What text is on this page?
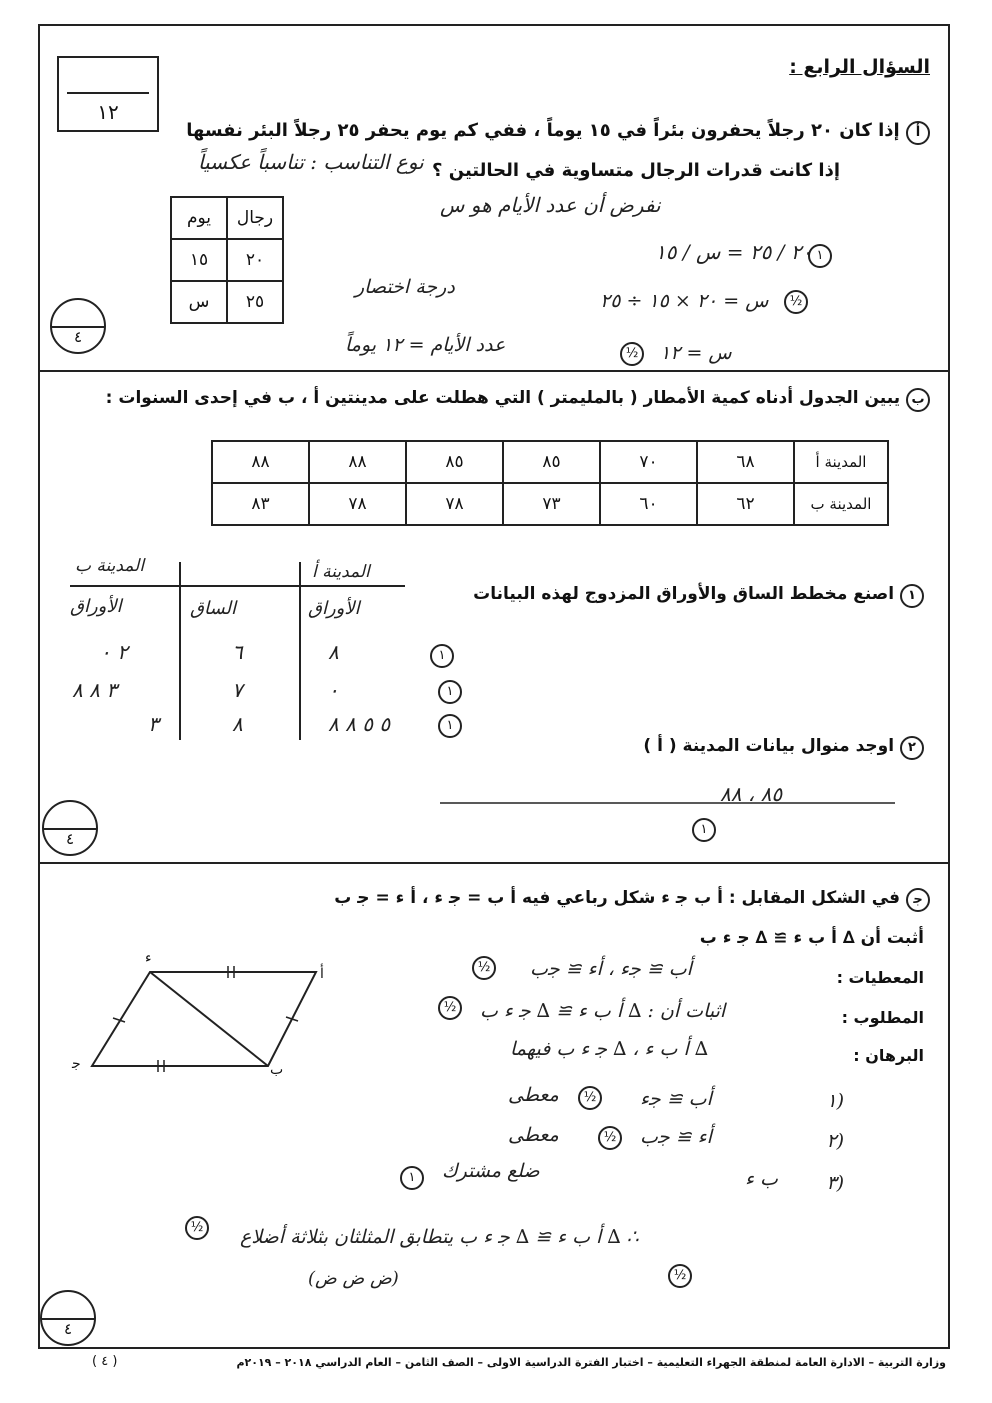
السؤال الرابع :
١٢
ﺃ إذا كان ٢٠ رجلاً يحفرون بئراً في ١٥ يوماً ، ففي كم يوم يحفر ٢٥ رجلاً البئر نفسها
إذا كانت قدرات الرجال متساوية في الحالتين ؟
نوع التناسب : تناسباً عكسياً
نفرض أن عدد الأيام هو س
يوم	رجال
١٥	٢٠
س	٢٥
٢٠ / ٢٥ = س / ١٥
س = ٢٠ × ١٥ ÷ ٢٥
درجة اختصار
س = ١٢
عدد الأيام = ١٢ يوماً
١
½
½
٤
ب يبين الجدول أدناه كمية الأمطار ( بالمليمتر ) التي هطلت على مدينتين ﺃ ، ب في إحدى السنوات :
المدينة ﺃ	٦٨	٧٠	٨٥	٨٥	٨٨	٨٨
المدينة ب	٦٢	٦٠	٧٣	٧٨	٧٨	٨٣
١ اصنع مخطط الساق والأوراق المزدوج لهذه البيانات
٢ اوجد منوال بيانات المدينة ( ﺃ )
المدينة ب	المدينة ﺃ
الأوراق	الساق	الأوراق
٢ ٠	٦	٨	١
٣ ٨ ٨	٧	٠	١
٣	٨	٥ ٥ ٨ ٨	١
٨٥ ، ٨٨
١
٤
ﺟ في الشكل المقابل : ﺃ ب ﺟ ء شكل رباعي فيه ﺃ ب = ﺟ ء ، ﺃ ء = ﺟ ب
أثبت أن ∆ ﺃ ب ء ≅ ∆ ﺟ ء ب
المعطيات :
ﺃب ≅ ﺟء ، ﺃء ≅ ﺟب
½
المطلوب :
اثبات أن : ∆ ﺃ ب ء ≅ ∆ ﺟ ء ب
½
البرهان :
∆ ﺃ ب ء ، ∆ ﺟ ء ب فيهما
١)
ﺃب ≅ ﺟء
معطى	½
٢)
ﺃء ≅ ﺟب
معطى	½
٣)
ب ء
ضلع مشترك
١
∴ ∆ ﺃ ب ء ≅ ∆ ﺟ ء ب يتطابق المثلثان بثلاثة أضلاع
(ض ض ض)
½
½
ء
ﺃ
ب
ﺟ
٤
وزارة التربية – الادارة العامة لمنطقة الجهراء التعليمية – اختبار الفترة الدراسية الاولى – الصف الثامن – العام الدراسي ٢٠١٨ – ٢٠١٩م
( ٤ )
